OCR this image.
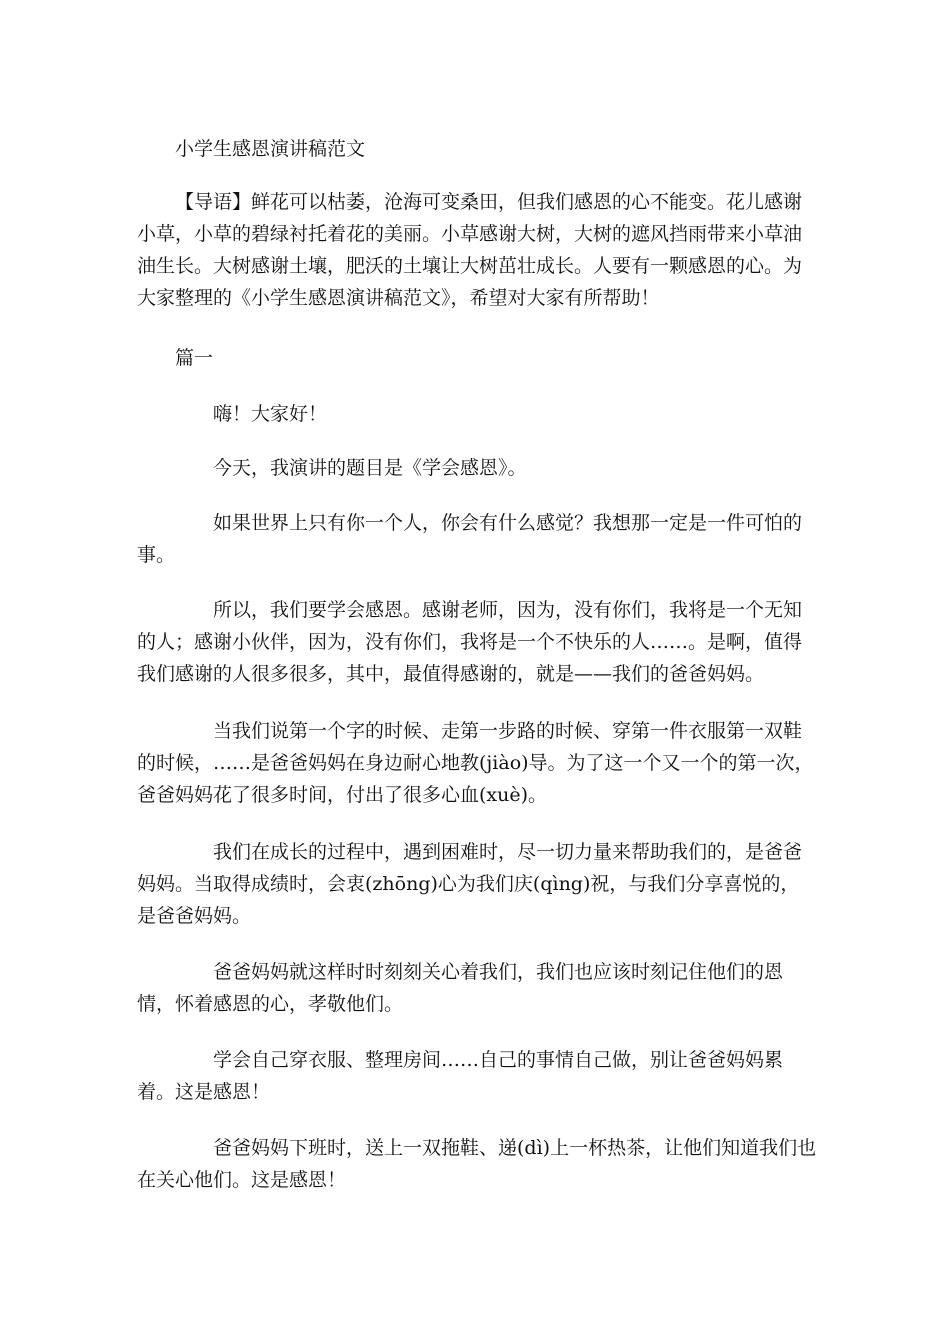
小学生感恩演讲稿范文

【导语】鲜花可以枯萎，沧海可变桑田，但我们感恩的心不能变。花儿感谢小草，小草的碧绿衬托着花的美丽。小草感谢大树，大树的遮风挡雨带来小草油油生长。大树感谢土壤，肥沃的土壤让大树茁壮成长。人要有一颗感恩的心。为大家整理的《小学生感恩演讲稿范文》，希望对大家有所帮助！

篇一

嗨！大家好！

今天，我演讲的题目是《学会感恩》。

如果世界上只有你一个人，你会有什么感觉？我想那一定是一件可怕的事。

所以，我们要学会感恩。感谢老师，因为，没有你们，我将是一个无知的人；感谢小伙伴，因为，没有你们，我将是一个不快乐的人……。是啊，值得我们感谢的人很多很多，其中，最值得感谢的，就是——我们的爸爸妈妈。

当我们说第一个字的时候、走第一步路的时候、穿第一件衣服第一双鞋的时候，……是爸爸妈妈在身边耐心地教(jiào)导。为了这一个又一个的第一次，爸爸妈妈花了很多时间，付出了很多心血(xuè)。

我们在成长的过程中，遇到困难时，尽一切力量来帮助我们的，是爸爸妈妈。当取得成绩时，会衷(zhōng)心为我们庆(qìng)祝，与我们分享喜悦的，是爸爸妈妈。

爸爸妈妈就这样时时刻刻关心着我们，我们也应该时刻记住他们的恩情，怀着感恩的心，孝敬他们。

学会自己穿衣服、整理房间……自己的事情自己做，别让爸爸妈妈累着。这是感恩！

爸爸妈妈下班时，送上一双拖鞋、递(dì)上一杯热茶，让他们知道我们也在关心他们。这是感恩！
